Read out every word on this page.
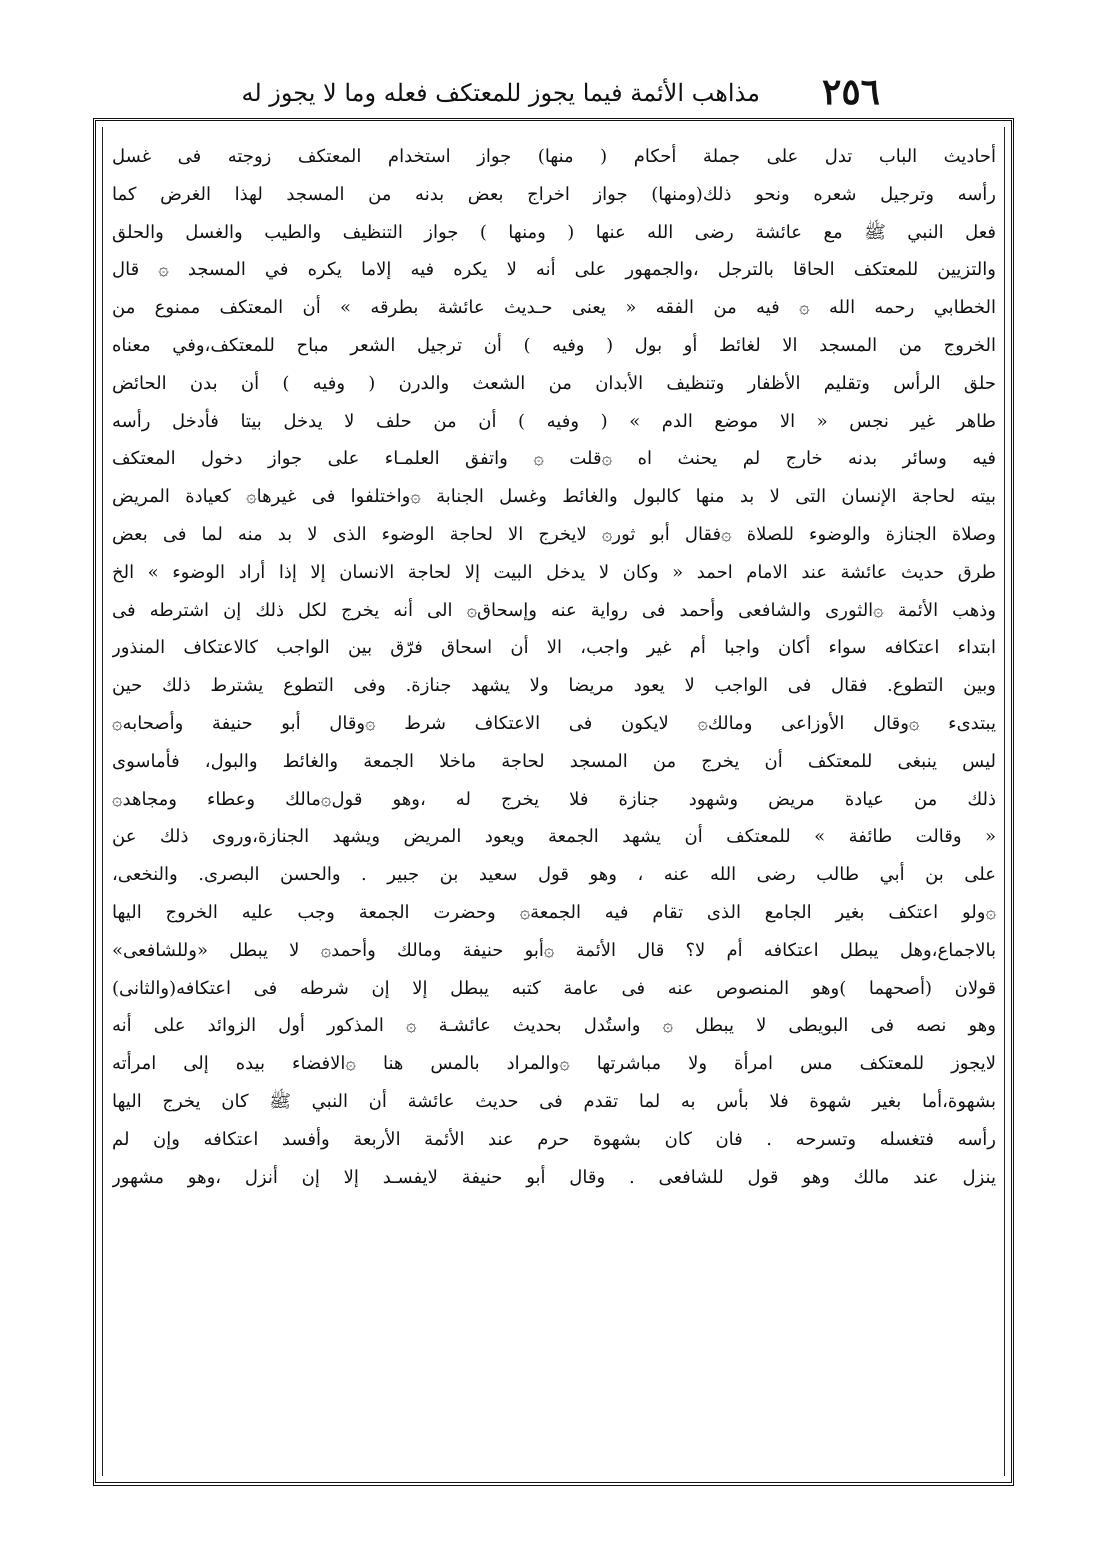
٢٥٦
مذاهب الأئمة فيما يجوز للمعتكف فعله وما لا يجوز له
أحاديث الباب تدل على جملة أحكام ( منها) جواز استخدام المعتكف زوجته فى غسل
رأسه وترجيل شعره ونحو ذلك(ومنها) جواز اخراج بعض بدنه من المسجد لهذا الغرض كما
فعل النبي ﷺ مع عائشة رضى الله عنها ( ومنها ) جواز التنظيف والطيب والغسل والحلق
والتزيين للمعتكف الحاقا بالترجل ،والجمهور على أنه لا يكره فيه إلاما يكره في المسجد ۞ قال
الخطابي رحمه الله ۞ فيه من الفقه « يعنى حـديث عائشة بطرقه » أن المعتكف ممنوع من
الخروج من المسجد الا لغائط أو بول ( وفيه ) أن ترجيل الشعر مباح للمعتكف،وفي معناه
حلق الرأس وتقليم الأظفار وتنظيف الأبدان من الشعث والدرن ( وفيه ) أن بدن الحائض
طاهر غير نجس « الا موضع الدم » ( وفيه ) أن من حلف لا يدخل بيتا فأدخل رأسه
فيه وسائر بدنه خارج لم يحنث اه ۞قلت ۞ واتفق العلمـاء على جواز دخول المعتكف
بيته لحاجة الإنسان التى لا بد منها كالبول والغائط وغسل الجنابة ۞واختلفوا فى غيرها۞ كعيادة المريض
وصلاة الجنازة والوضوء للصلاة ۞فقال أبو ثور۞ لايخرج الا لحاجة الوضوء الذى لا بد منه لما فى بعض
طرق حديث عائشة عند الامام احمد « وكان لا يدخل البيت إلا لحاجة الانسان إلا إذا أراد الوضوء » الخ
وذهب الأئمة ۞الثورى والشافعى وأحمد فى رواية عنه وإسحاق۞ الى أنه يخرج لكل ذلك إن اشترطه فى
ابتداء اعتكافه سواء أكان واجبا أم غير واجب، الا أن اسحاق فرّق بين الواجب كالاعتكاف المنذور
وبين التطوع. فقال فى الواجب لا يعود مريضا ولا يشهد جنازة. وفى التطوع يشترط ذلك حين
يبتدىء ۞وقال الأوزاعى ومالك۞ لايكون فى الاعتكاف شرط ۞وقال أبو حنيفة وأصحابه۞
ليس ينبغى للمعتكف أن يخرج من المسجد لحاجة ماخلا الجمعة والغائط والبول، فأماسوى
ذلك من عيادة مريض وشهود جنازة فلا يخرج له ،وهو قول۞مالك وعطاء ومجاهد۞
« وقالت طائفة » للمعتكف أن يشهد الجمعة ويعود المريض ويشهد الجنازة،وروى ذلك عن
على بن أبي طالب رضى الله عنه ، وهو قول سعيد بن جبير . والحسن البصرى. والنخعى،
۞ولو اعتكف بغير الجامع الذى تقام فيه الجمعة۞ وحضرت الجمعة وجب عليه الخروج اليها
بالاجماع،وهل يبطل اعتكافه أم لا؟ قال الأئمة ۞أبو حنيفة ومالك وأحمد۞ لا يبطل «وللشافعى»
قولان (أصحهما )وهو المنصوص عنه فى عامة كتبه يبطل إلا إن شرطه فى اعتكافه(والثانى)
وهو نصه فى البويطى لا يبطل ۞ واستُدل بحديث عائشـة ۞ المذكور أول الزوائد على أنه
لايجوز للمعتكف مس امرأة ولا مباشرتها ۞والمراد بالمس هنا ۞الافضاء بيده إلى امرأته
بشهوة،أما بغير شهوة فلا بأس به لما تقدم فى حديث عائشة أن النبي ﷺ كان يخرج اليها
رأسه فتغسله وتسرحه . فان كان بشهوة حرم عند الأئمة الأربعة وأفسد اعتكافه وإن لم
ينزل عند مالك وهو قول للشافعى . وقال أبو حنيفة لايفسـد إلا إن أنزل ،وهو مشهور
